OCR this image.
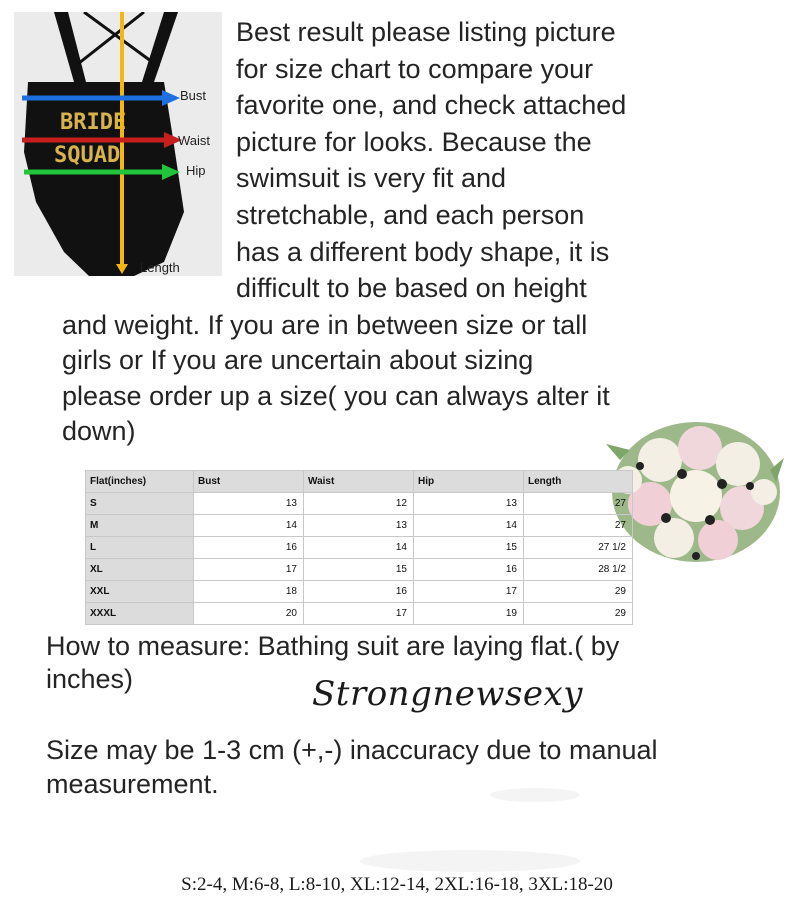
BRIDE
SQUAD
Bust
Waist
Hip
Length
Best result please listing picture
for size chart to compare your
favorite one, and check attached
picture for looks. Because the
swimsuit is very fit and
stretchable, and each person
has a different body shape, it is
difficult to be based on height
and weight. If you are in between size or tall
girls or If you are uncertain about sizing
please order up a size( you can always alter it
down)
Flat(inches)	Bust	Waist	Hip	Length
S	13	12	13	27
M	14	13	14	27
L	16	14	15	27 1/2
XL	17	15	16	28 1/2
XXL	18	16	17	29
XXXL	20	17	19	29
How to measure: Bathing suit are laying flat.( by
inches)	Strongnewsexy
Size may be 1-3 cm (+,-) inaccuracy due to manual
measurement.
S:2-4, M:6-8, L:8-10, XL:12-14, 2XL:16-18, 3XL:18-20
